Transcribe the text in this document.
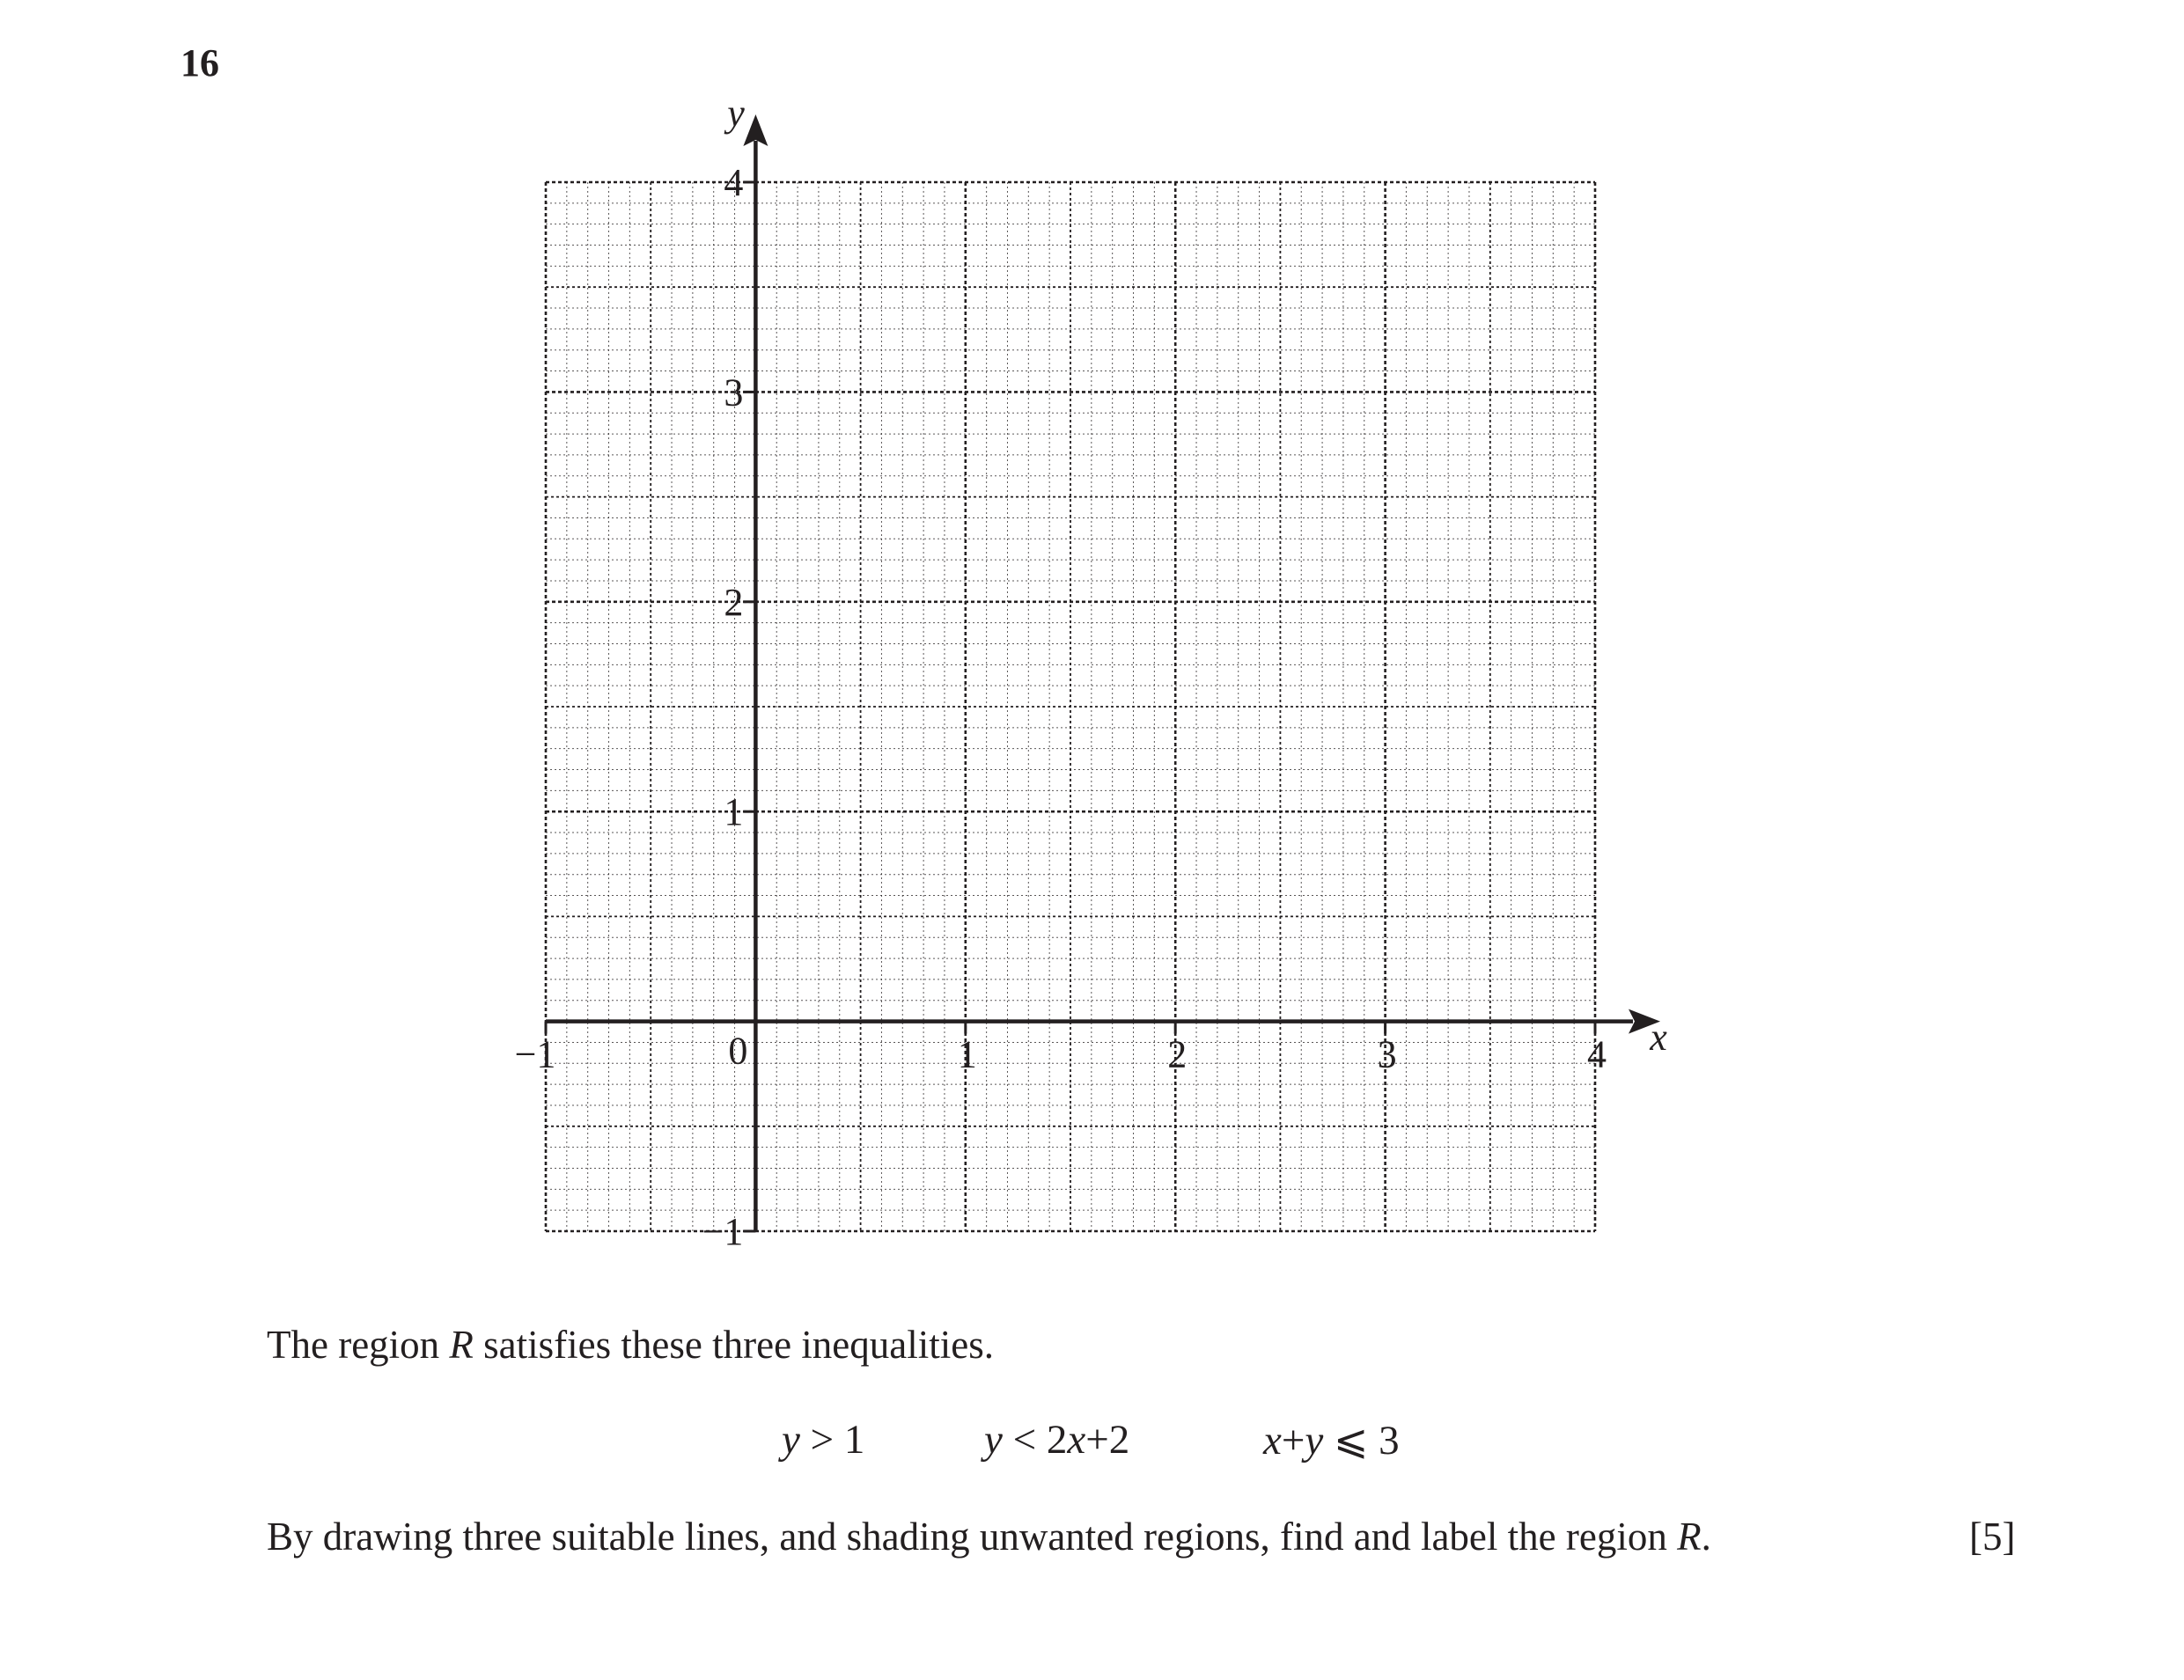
16
−1	1	2	3	4
−1
1
2
3
4
0	x
y
The region R satisfies these three inequalities.
y > 1	y < 2x+2	x+y ⩽ 3
By drawing three suitable lines, and shading unwanted regions, find and label the region R.	[5]
